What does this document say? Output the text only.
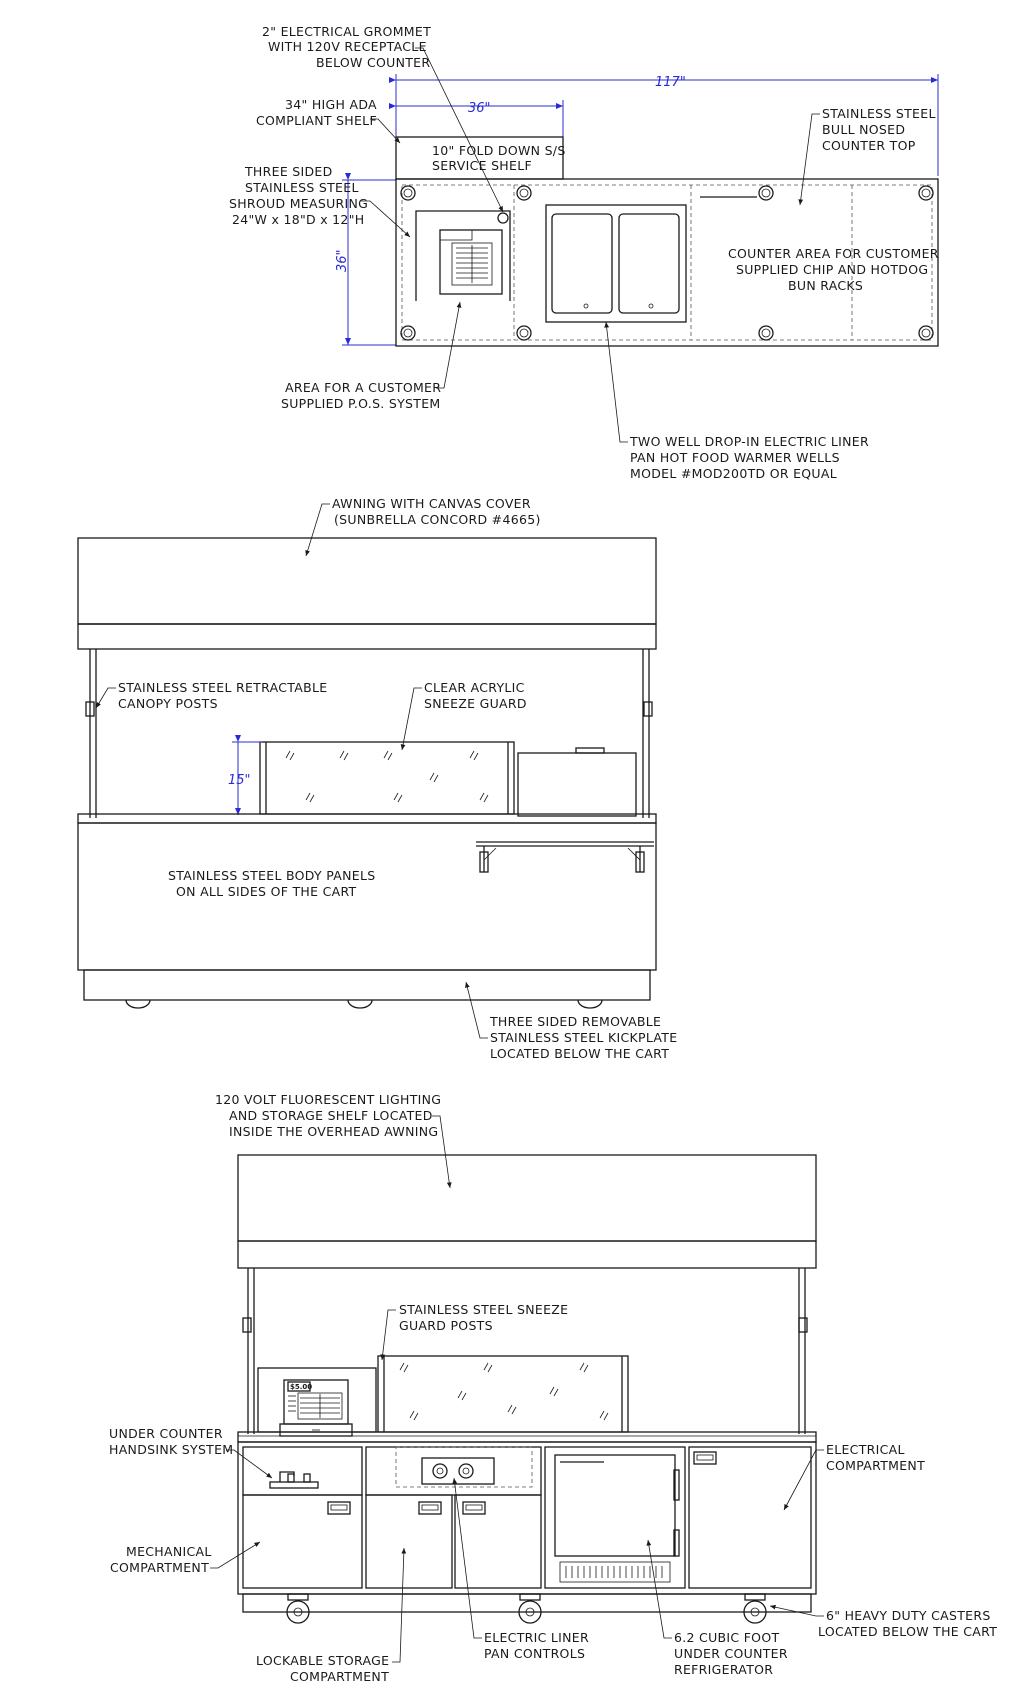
117"
36"
36"
10" FOLD DOWN S/S
SERVICE SHELF
2" ELECTRICAL GROMMET
WITH 120V RECEPTACLE
BELOW COUNTER
34" HIGH ADA
COMPLIANT SHELF
THREE SIDED
STAINLESS STEEL
SHROUD MEASURING
24"W x 18"D x 12"H
STAINLESS STEEL
BULL NOSED
COUNTER TOP
COUNTER AREA FOR CUSTOMER
SUPPLIED CHIP AND HOTDOG
BUN RACKS
AREA FOR A CUSTOMER
SUPPLIED P.O.S. SYSTEM
TWO WELL DROP-IN ELECTRIC LINER
PAN HOT FOOD WARMER WELLS
MODEL #MOD200TD OR EQUAL
15"
AWNING WITH CANVAS COVER
(SUNBRELLA CONCORD #4665)
STAINLESS STEEL RETRACTABLE
CANOPY POSTS
CLEAR ACRYLIC
SNEEZE GUARD
STAINLESS STEEL BODY PANELS
ON ALL SIDES OF THE CART
THREE SIDED REMOVABLE
STAINLESS STEEL KICKPLATE
LOCATED BELOW THE CART
$5.00
120 VOLT FLUORESCENT LIGHTING
AND STORAGE SHELF LOCATED
INSIDE THE OVERHEAD AWNING
STAINLESS STEEL SNEEZE
GUARD POSTS
UNDER COUNTER
HANDSINK SYSTEM	ELECTRICAL
COMPARTMENT
MECHANICAL
COMPARTMENT
LOCKABLE STORAGE
COMPARTMENT
ELECTRIC LINER
PAN CONTROLS
6.2 CUBIC FOOT
UNDER COUNTER
REFRIGERATOR
6" HEAVY DUTY CASTERS
LOCATED BELOW THE CART
